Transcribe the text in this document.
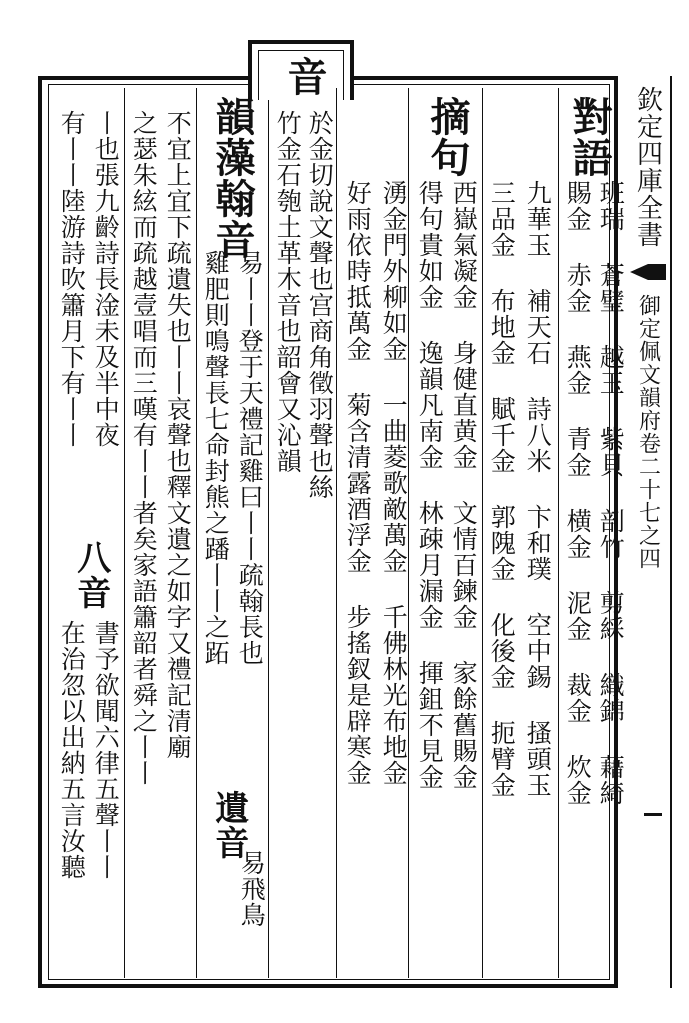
對語
班瑞 蒼璧 越玉 紫貝 剖竹 剪綵 織錦 藉綺
賜金 赤金 燕金 青金 横金 泥金 裁金 炊金
九華玉 補天石 詩八米 卞和璞 空中錫 搔頭玉
三品金 布地金 賦千金 郭隗金 化後金 扼臂金
摘句
西嶽氣凝金 身健直黄金 文情百鍊金 家餘舊賜金
得句貴如金 逸韻凡南金 林疎月漏金 揮鉏不見金
湧金門外柳如金 一曲菱歌敵萬金 千佛林光布地金
好雨依時抵萬金 菊含清露酒浮金 步搖釵是辟寒金
於金切說文聲也宫商角徵羽聲也絲
音
竹金石匏土革木音也韶會又沁韻
易丨丨登于天禮記雞曰丨丨疏翰長也
韻藻
翰音
雞肥則鳴聲長七命封熊之蹯丨丨之跖
遺音
易飛鳥
不宜上宜下疏遺失也丨丨哀聲也釋文遺之如字又禮記清廟
之瑟朱絃而疏越壹唱而三嘆有丨丨者矣家語簫韶者舜之丨丨
丨也張九齡詩長淦未及半中夜
八音
書予欲聞六律五聲丨丨
有丨丨陸游詩吹簫月下有丨丨
在治忽以出納五言汝聽
欽定四庫全書
御定佩文韻府
卷二十七之四
